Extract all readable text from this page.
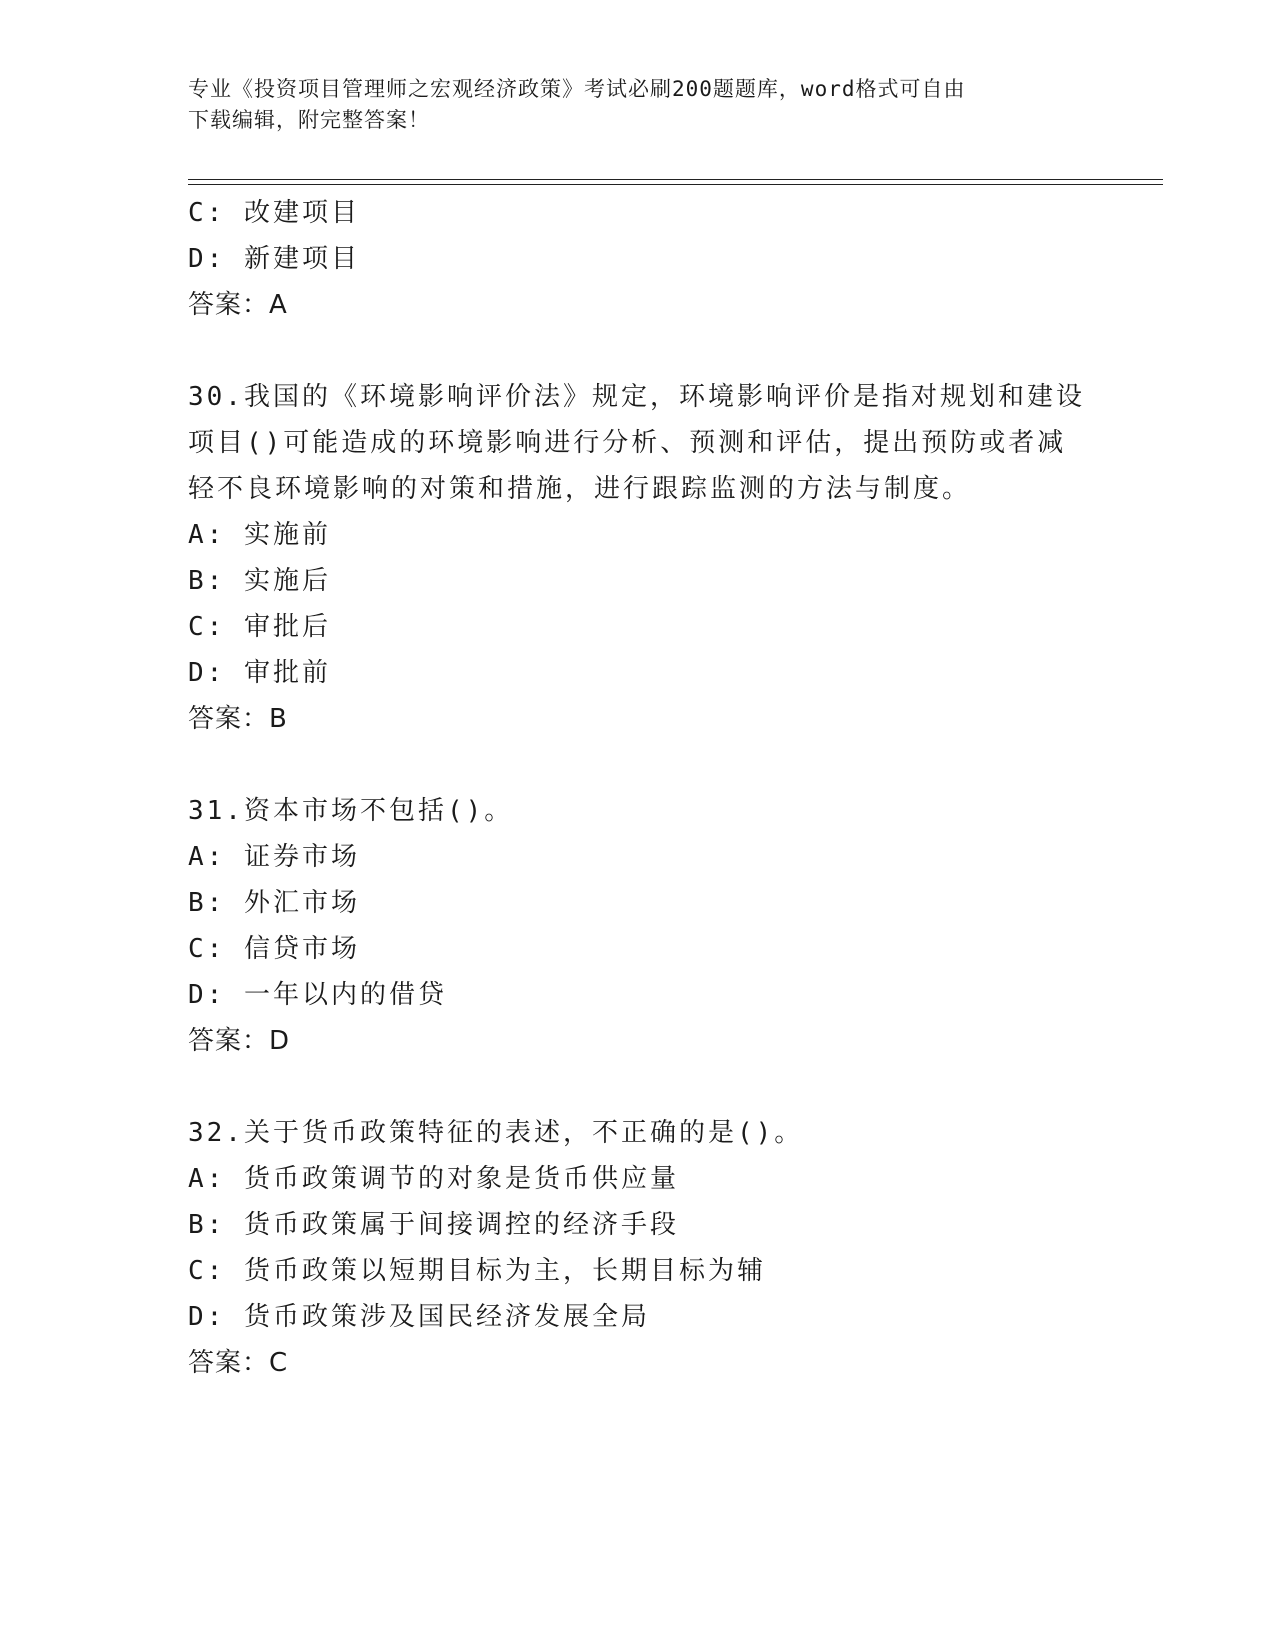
专业《投资项目管理师之宏观经济政策》考试必刷200题题库，word格式可自由
下载编辑，附完整答案！
C: 改建项目
D: 新建项目
答案：A
30.我国的《环境影响评价法》规定，环境影响评价是指对规划和建设
项目()可能造成的环境影响进行分析、预测和评估，提出预防或者减
轻不良环境影响的对策和措施，进行跟踪监测的方法与制度。
A: 实施前
B: 实施后
C: 审批后
D: 审批前
答案：B
31.资本市场不包括()。
A: 证券市场
B: 外汇市场
C: 信贷市场
D: 一年以内的借贷
答案：D
32.关于货币政策特征的表述，不正确的是()。
A: 货币政策调节的对象是货币供应量
B: 货币政策属于间接调控的经济手段
C: 货币政策以短期目标为主，长期目标为辅
D: 货币政策涉及国民经济发展全局
答案：C
